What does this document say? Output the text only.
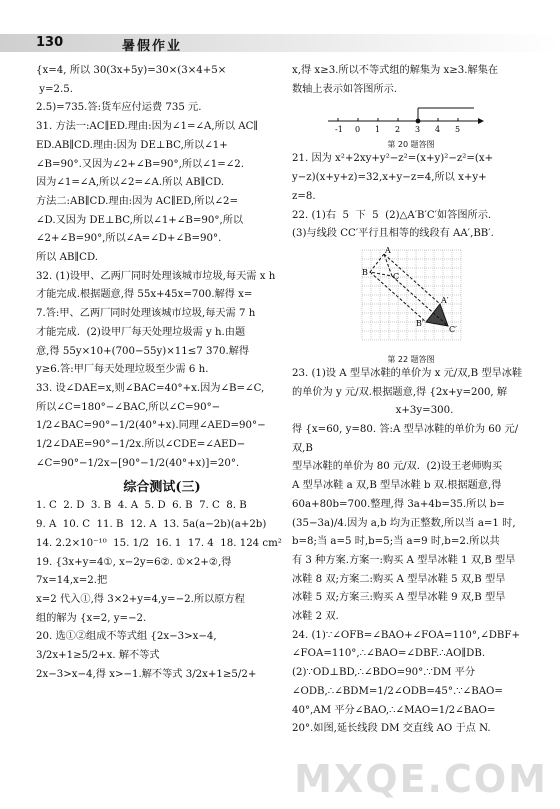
130	暑假作业

{x=4, 所以 30(3x+5y)=30×(3×4+5×

y=2.5.

2.5)=735.答:货车应付运费 735 元.

31. 方法一:AC∥ED.理由:因为∠1=∠A,所以 AC∥

ED.AB∥CD.理由:因为 DE⊥BC,所以∠1+

∠B=90°.又因为∠2+∠B=90°,所以∠1=∠2.

因为∠1=∠A,所以∠2=∠A.所以 AB∥CD.

方法二:AB∥CD.理由:因为 AC∥ED,所以∠2=

∠D.又因为 DE⊥BC,所以∠1+∠B=90°,所以

∠2+∠B=90°,所以∠A=∠D+∠B=90°.

所以 AB∥CD.

32. (1)设甲、乙两厂同时处理该城市垃圾,每天需 x h

才能完成.根据题意,得 55x+45x=700.解得 x=

7.答:甲、乙两厂同时处理该城市垃圾,每天需 7 h

才能完成.  (2)设甲厂每天处理垃圾需 y h.由题

意,得 55y×10+(700−55y)×11≤7 370.解得

y≥6.答:甲厂每天处理垃圾至少需 6 h.

33. 设∠DAE=x,则∠BAC=40°+x.因为∠B=∠C,

所以∠C=180°−∠BAC,所以∠C=90°−

1/2∠BAC=90°−1/2(40°+x).同理∠AED=90°−

1/2∠DAE=90°−1/2x.所以∠CDE=∠AED−

∠C=90°−1/2x−[90°−1/2(40°+x)]=20°.

综合测试(三)

1. C  2. D  3. B  4. A  5. D  6. B  7. C  8. B

9. A  10. C  11. B  12. A  13. 5a(a−2b)(a+2b)

14. 2.2×10⁻¹⁰  15. 1/2  16. 1  17. 4  18. 124 cm²

19. {3x+y=4①, x−2y=6②. ①×2+②,得 7x=14,x=2.把

x=2 代入①,得 3×2+y=4,y=−2.所以原方程

组的解为 {x=2, y=−2.

20. 选①②组成不等式组 {2x−3>x−4, 3/2x+1≥5/2+x. 解不等式

2x−3>x−4,得 x>−1.解不等式 3/2x+1≥5/2+

x,得 x≥3.所以不等式组的解集为 x≥3.解集在

数轴上表示如答图所示.

-1 0 1 2 3 4 5

第 20 题答图

21. 因为 x²+2xy+y²−z²=(x+y)²−z²=(x+

y−z)(x+y+z)=32,x+y−z=4,所以 x+y+

z=8.

22. (1)右  5  下  5  (2)△A′B′C′如答图所示.

(3)与线段 CC′平行且相等的线段有 AA′,BB′.

A
B	C
A′
B′
C′

第 22 题答图

23. (1)设 A 型旱冰鞋的单价为 x 元/双,B 型旱冰鞋

的单价为 y 元/双.根据题意,得 {2x+y=200, 解

x+3y=300.

得 {x=60, y=80. 答:A 型旱冰鞋的单价为 60 元/双,B

型旱冰鞋的单价为 80 元/双.  (2)设王老师购买

A 型旱冰鞋 a 双,B 型旱冰鞋 b 双.根据题意,得

60a+80b=700.整理,得 3a+4b=35.所以 b=

(35−3a)/4.因为 a,b 均为正整数,所以当 a=1 时,

b=8;当 a=5 时,b=5;当 a=9 时,b=2.所以共

有 3 种方案.方案一:购买 A 型旱冰鞋 1 双,B 型旱

冰鞋 8 双;方案二:购买 A 型旱冰鞋 5 双,B 型旱

冰鞋 5 双;方案三:购买 A 型旱冰鞋 9 双,B 型旱

冰鞋 2 双.

24. (1)∵∠OFB=∠BAO+∠FOA=110°,∠DBF+

∠FOA=110°,∴∠BAO=∠DBF.∴AO∥DB.

(2)∵OD⊥BD,∴∠BDO=90°.∵DM 平分

∠ODB,∴∠BDM=1/2∠ODB=45°.∵∠BAO=

40°,AM 平分∠BAO,∴∠MAO=1/2∠BAO=

20°.如图,延长线段 DM 交直线 AO 于点 N.

MXQE.COM
